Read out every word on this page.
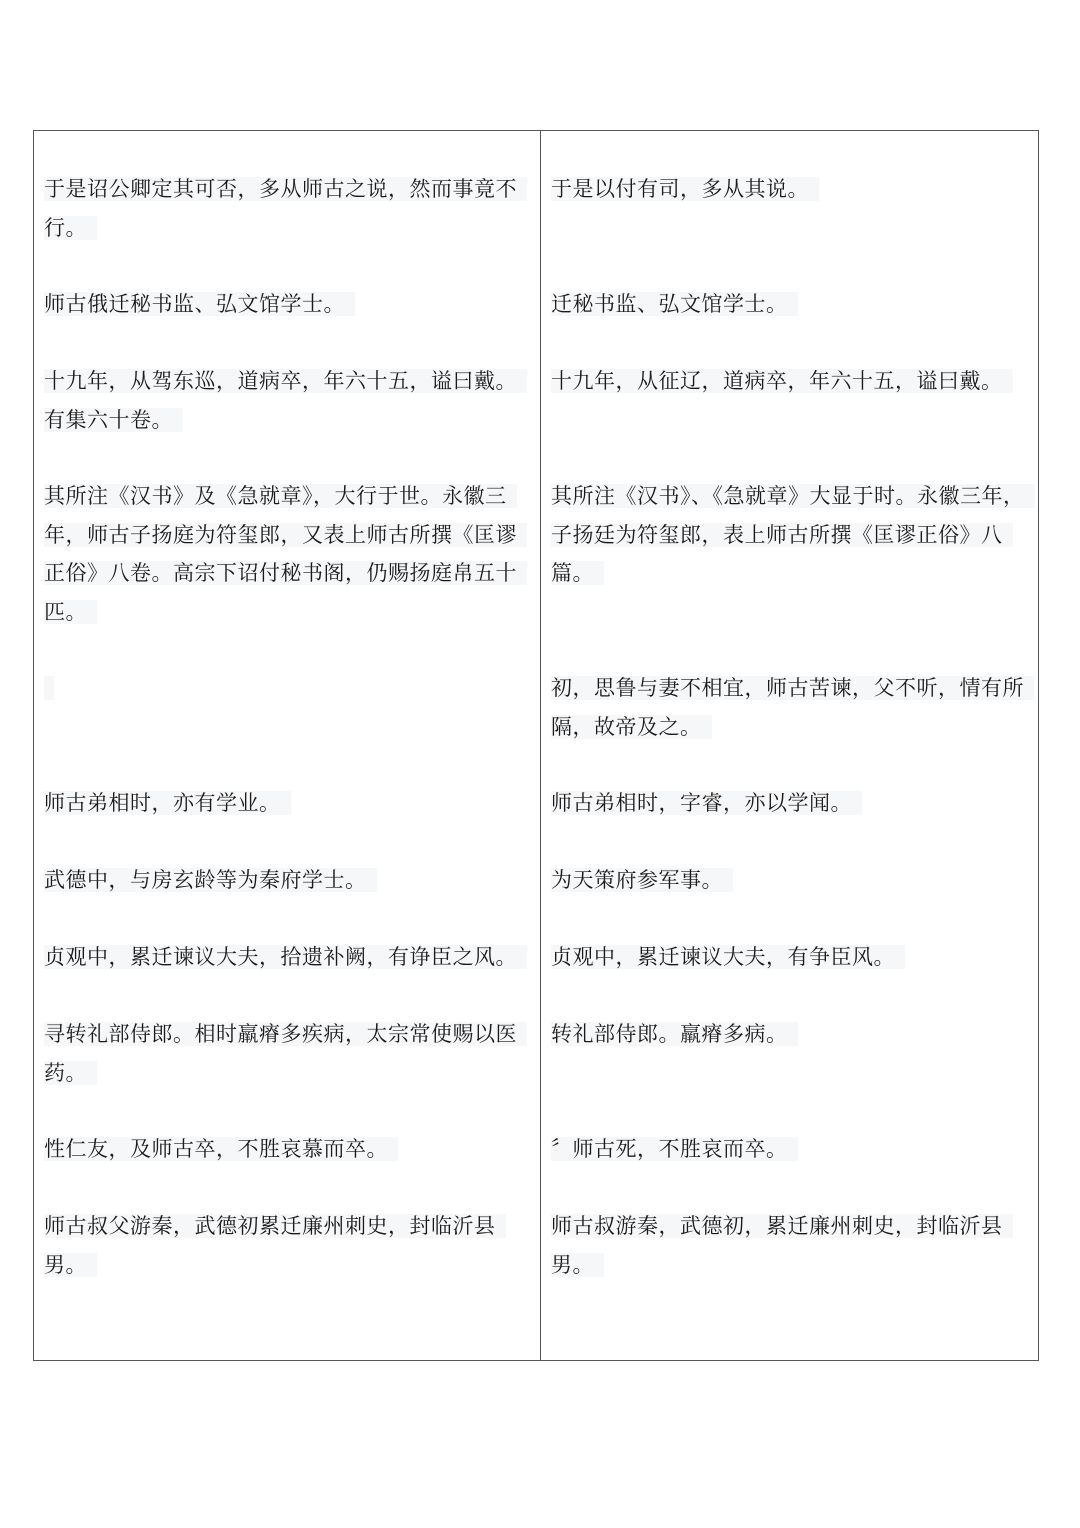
于是诏公卿定其可否，多从师古之说，然而事竟不行。

师古俄迁秘书监、弘文馆学士。

十九年，从驾东巡，道病卒，年六十五，谥曰戴。有集六十卷。

其所注《汉书》及《急就章》，大行于世。永徽三年，师古子扬庭为符玺郎，又表上师古所撰《匡谬正俗》八卷。高宗下诏付秘书阁，仍赐扬庭帛五十匹。

师古弟相时，亦有学业。

武德中，与房玄龄等为秦府学士。

贞观中，累迁谏议大夫，拾遗补阙，有诤臣之风。

寻转礼部侍郎。相时羸瘠多疾病，太宗常使赐以医药。

性仁友，及师古卒，不胜哀慕而卒。

师古叔父游秦，武德初累迁廉州刺史，封临沂县男。

于是以付有司，多从其说。

迁秘书监、弘文馆学士。

十九年，从征辽，道病卒，年六十五，谥曰戴。

其所注《汉书》、《急就章》大显于时。永徽三年，子扬廷为符玺郎，表上师古所撰《匡谬正俗》八篇。

初，思鲁与妻不相宜，师古苦谏，父不听，情有所隔，故帝及之。

师古弟相时，字睿，亦以学闻。

为天策府参军事。

贞观中，累迁谏议大夫，有争臣风。

转礼部侍郎。羸瘠多病。

〞师古死，不胜哀而卒。

师古叔游秦，武德初，累迁廉州刺史，封临沂县男。
